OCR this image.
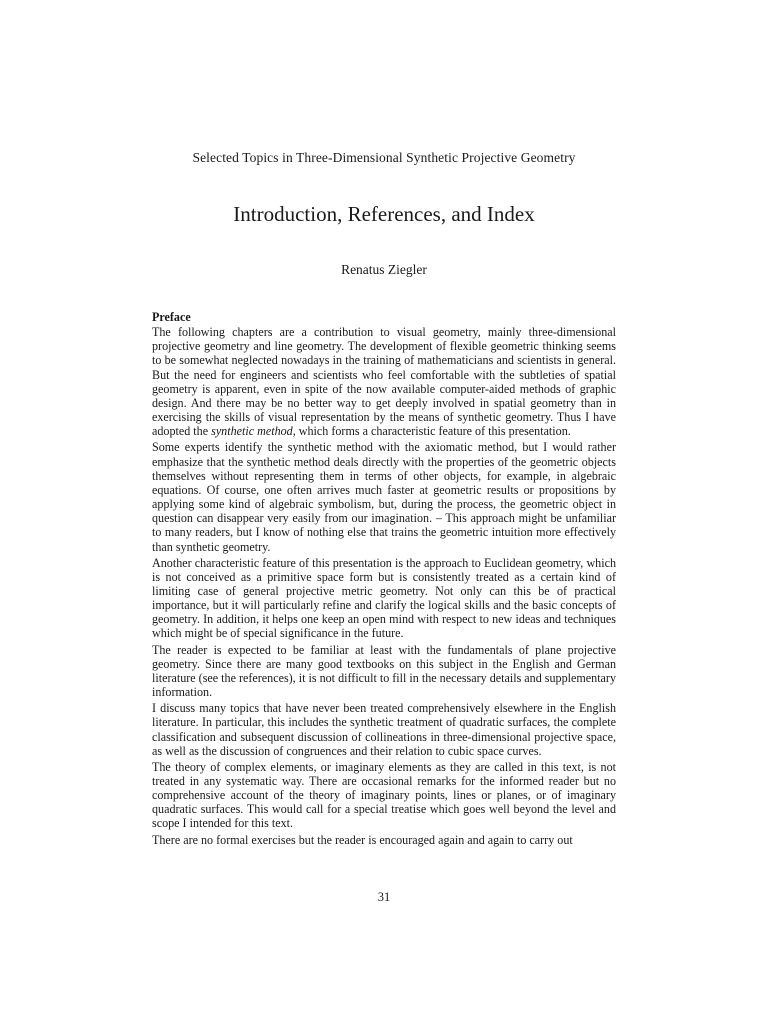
Selected Topics in Three-Dimensional Synthetic Projective Geometry
Introduction, References, and Index
Renatus Ziegler
Preface

The following chapters are a contribution to visual geometry, mainly three-dimensional projective geometry and line geometry. The development of flexible geometric thinking seems to be somewhat neglected nowadays in the training of mathematicians and scientists in general. But the need for engineers and scientists who feel comfortable with the subtleties of spatial geometry is apparent, even in spite of the now available computer-aided methods of graphic design. And there may be no better way to get deeply involved in spatial geometry than in exercising the skills of visual representation by the means of synthetic geometry. Thus I have adopted the synthetic method, which forms a characteristic feature of this presentation.

Some experts identify the synthetic method with the axiomatic method, but I would rather emphasize that the synthetic method deals directly with the properties of the geometric objects themselves without representing them in terms of other objects, for example, in algebraic equations. Of course, one often arrives much faster at geometric results or propositions by applying some kind of algebraic symbolism, but, during the process, the geometric object in question can disappear very easily from our imagination. – This approach might be unfamiliar to many readers, but I know of nothing else that trains the geometric intuition more effectively than synthetic geometry.

Another characteristic feature of this presentation is the approach to Euclidean geometry, which is not conceived as a primitive space form but is consistently treated as a certain kind of limiting case of general projective metric geometry. Not only can this be of practical importance, but it will particularly refine and clarify the logical skills and the basic concepts of geometry. In addition, it helps one keep an open mind with respect to new ideas and techniques which might be of special significance in the future.

The reader is expected to be familiar at least with the fundamentals of plane projective geometry. Since there are many good textbooks on this subject in the English and German literature (see the references), it is not difficult to fill in the necessary details and supplementary information.

I discuss many topics that have never been treated comprehensively elsewhere in the English literature. In particular, this includes the synthetic treatment of quadratic surfaces, the complete classification and subsequent discussion of collineations in three-dimensional projective space, as well as the discussion of congruences and their relation to cubic space curves.

The theory of complex elements, or imaginary elements as they are called in this text, is not treated in any systematic way. There are occasional remarks for the informed reader but no comprehensive account of the theory of imaginary points, lines or planes, or of imaginary quadratic surfaces. This would call for a special treatise which goes well beyond the level and scope I intended for this text.

There are no formal exercises but the reader is encouraged again and again to carry out

31
